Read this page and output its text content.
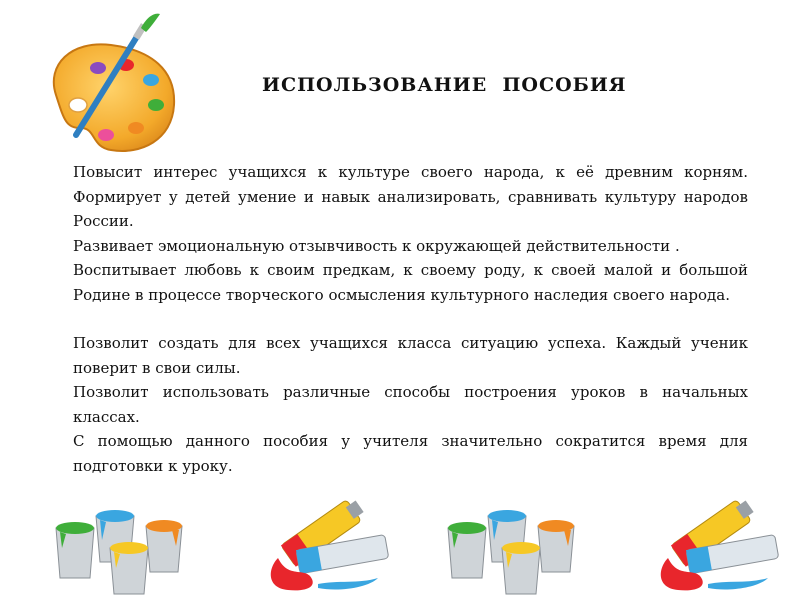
ИСПОЛЬЗОВАНИЕ  ПОСОБИЯ

Повысит интерес учащихся к культуре своего народа, к её древним корням. Формирует у детей умение и навык анализировать, сравнивать культуру народов России.

Развивает эмоциональную отзывчивость к окружающей действительности .

Воспитывает любовь к своим предкам, к своему роду, к своей малой и большой Родине в процессе творческого осмысления культурного наследия своего народа.

Позволит создать для всех учащихся класса ситуацию успеха. Каждый ученик поверит в свои силы.

Позволит использовать различные способы построения уроков в начальных классах.

С помощью данного пособия у учителя значительно сократится время для подготовки к уроку.
